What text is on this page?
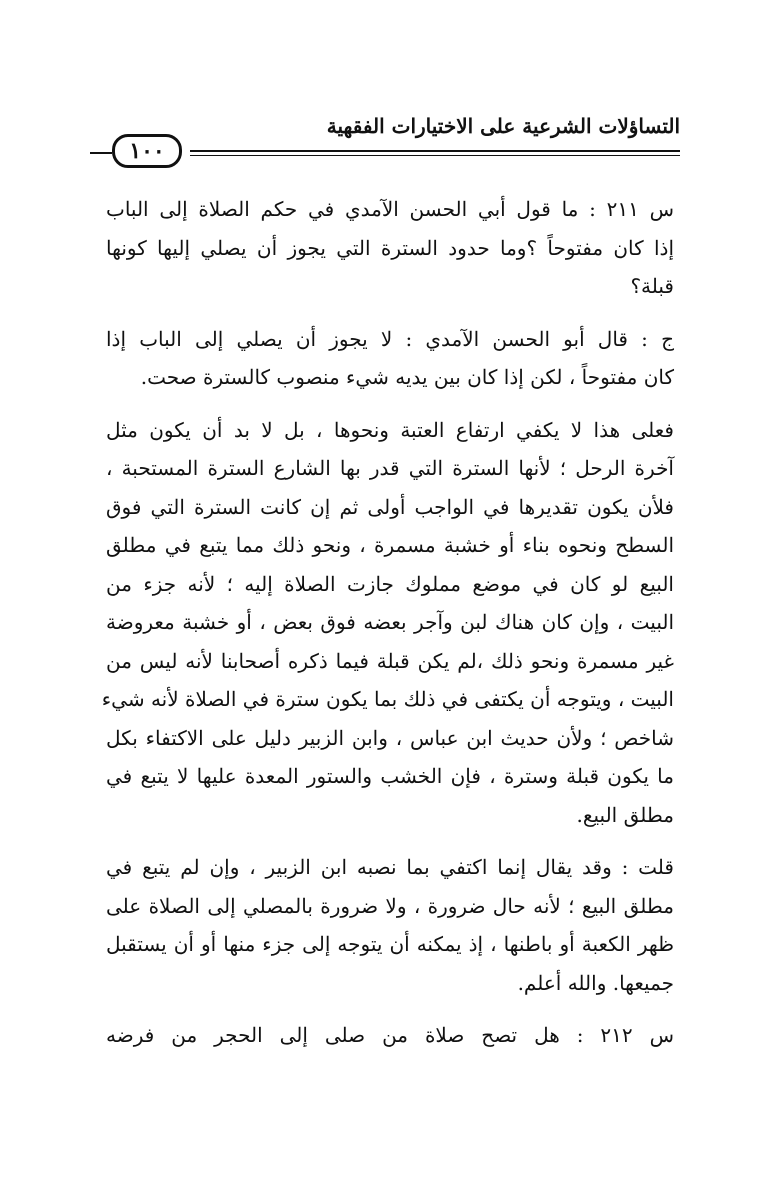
التساؤلات الشرعية على الاختيارات الفقهية
١٠٠
س ٢١١ : ما قول أبي الحسن الآمدي في حكم الصلاة إلى الباب
إذا كان مفتوحاً ؟وما حدود السترة التي يجوز أن يصلي إليها كونها
قبلة؟
ج : قال أبو الحسن الآمدي : لا يجوز أن يصلي إلى الباب إذا
كان مفتوحاً ، لكن إذا كان بين يديه شيء منصوب كالسترة صحت.
فعلى هذا لا يكفي ارتفاع العتبة ونحوها ، بل لا بد أن يكون مثل
آخرة الرحل ؛ لأنها السترة التي قدر بها الشارع السترة المستحبة ،
فلأن يكون تقديرها في الواجب أولى ثم إن كانت السترة التي فوق
السطح ونحوه بناء أو خشبة مسمرة ، ونحو ذلك مما يتبع في مطلق
البيع لو كان في موضع مملوك جازت الصلاة إليه ؛ لأنه جزء من
البيت ، وإن كان هناك لبن وآجر بعضه فوق بعض ، أو خشبة معروضة
غير مسمرة ونحو ذلك ،لم يكن قبلة فيما ذكره أصحابنا لأنه ليس من
البيت ، ويتوجه أن يكتفى في ذلك بما يكون سترة في الصلاة لأنه شيء
شاخص ؛ ولأن حديث ابن عباس ، وابن الزبير دليل على الاكتفاء بكل
ما يكون قبلة وسترة ، فإن الخشب والستور المعدة عليها لا يتبع في
مطلق البيع.
قلت : وقد يقال إنما اكتفي بما نصبه ابن الزبير ، وإن لم يتبع في
مطلق البيع ؛ لأنه حال ضرورة ، ولا ضرورة بالمصلي إلى الصلاة على
ظهر الكعبة أو باطنها ، إذ يمكنه أن يتوجه إلى جزء منها أو أن يستقبل
جميعها. والله أعلم.
س ٢١٢ : هل تصح صلاة من صلى إلى الحجر من فرضه
